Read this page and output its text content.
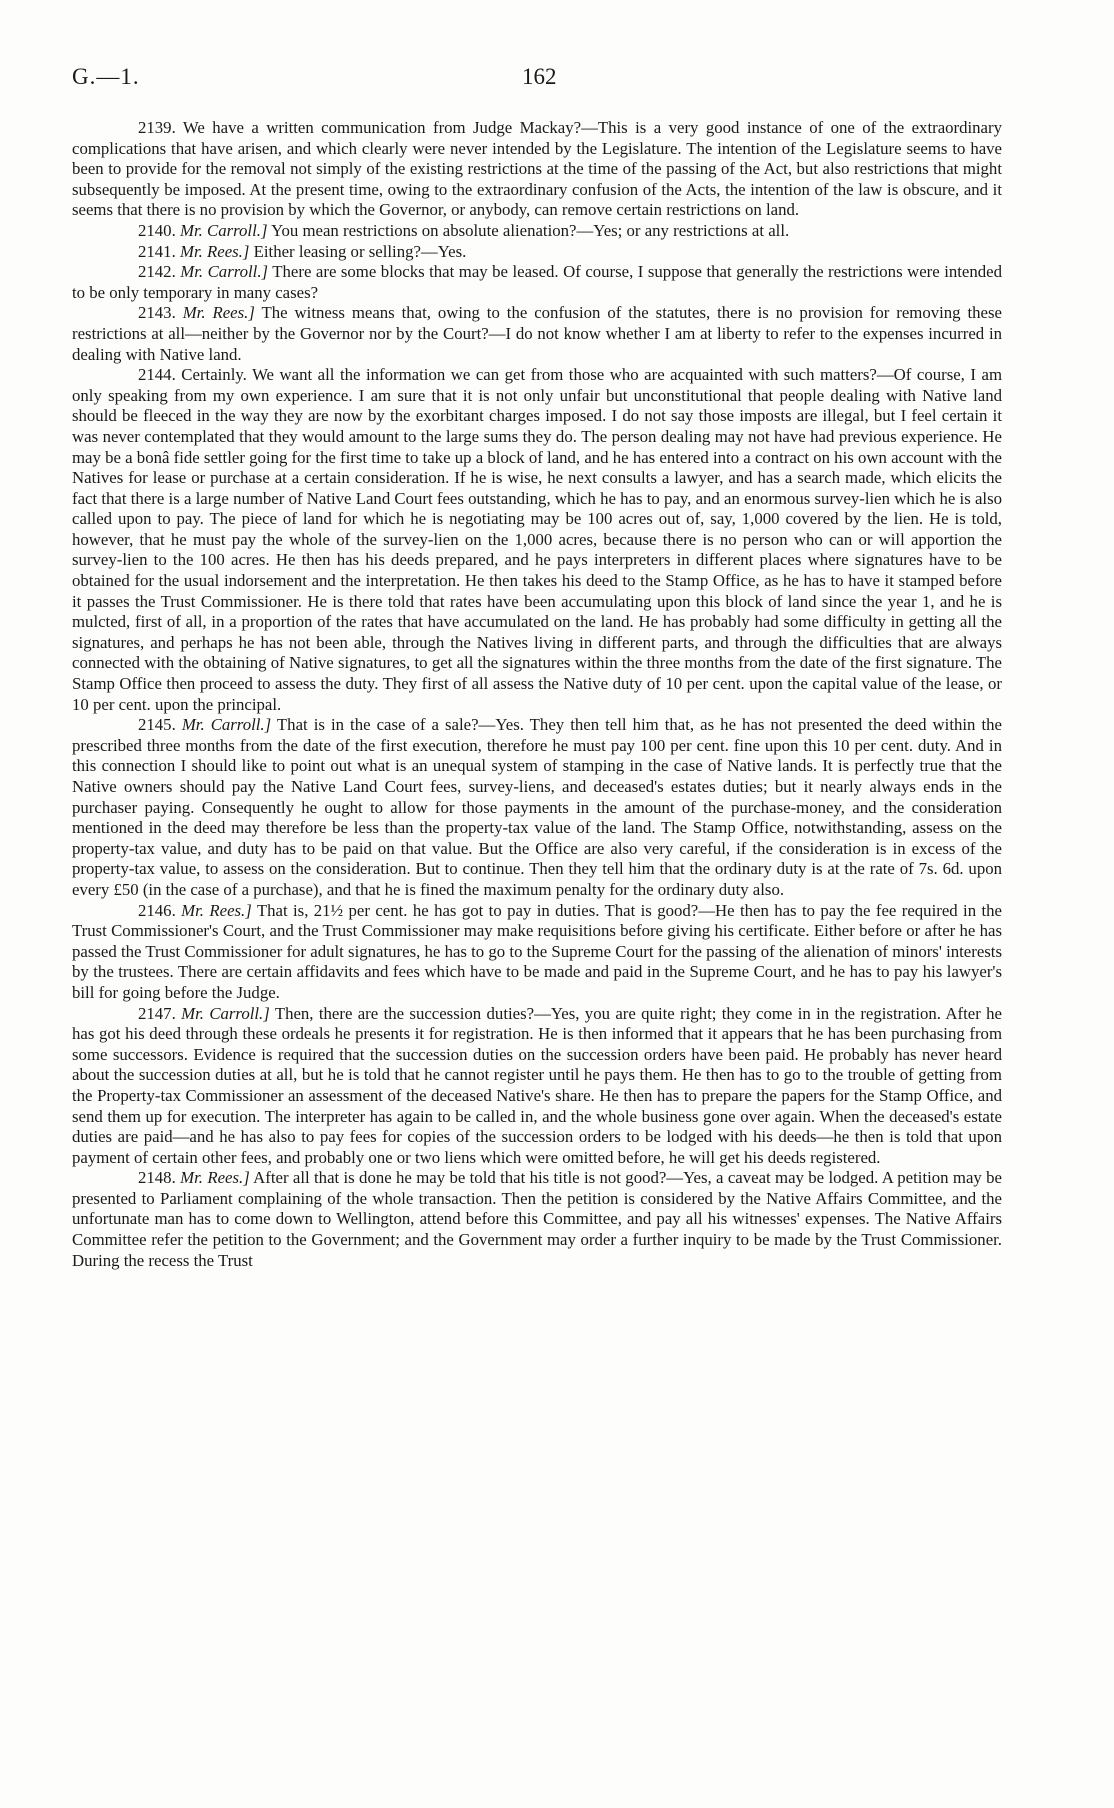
G.—1.	162

2139. We have a written communication from Judge Mackay?—This is a very good instance of one of the extraordinary complications that have arisen, and which clearly were never intended by the Legislature. The intention of the Legislature seems to have been to provide for the removal not simply of the existing restrictions at the time of the passing of the Act, but also restrictions that might subsequently be imposed. At the present time, owing to the extraordinary confusion of the Acts, the intention of the law is obscure, and it seems that there is no provision by which the Governor, or anybody, can remove certain restrictions on land.

2140. Mr. Carroll.] You mean restrictions on absolute alienation?—Yes; or any restrictions at all.

2141. Mr. Rees.] Either leasing or selling?—Yes.

2142. Mr. Carroll.] There are some blocks that may be leased. Of course, I suppose that generally the restrictions were intended to be only temporary in many cases?

2143. Mr. Rees.] The witness means that, owing to the confusion of the statutes, there is no provision for removing these restrictions at all—neither by the Governor nor by the Court?—I do not know whether I am at liberty to refer to the expenses incurred in dealing with Native land.

2144. Certainly. We want all the information we can get from those who are acquainted with such matters?—Of course, I am only speaking from my own experience. I am sure that it is not only unfair but unconstitutional that people dealing with Native land should be fleeced in the way they are now by the exorbitant charges imposed. I do not say those imposts are illegal, but I feel certain it was never contemplated that they would amount to the large sums they do. The person dealing may not have had previous experience. He may be a bonâ fide settler going for the first time to take up a block of land, and he has entered into a contract on his own account with the Natives for lease or purchase at a certain consideration. If he is wise, he next consults a lawyer, and has a search made, which elicits the fact that there is a large number of Native Land Court fees outstanding, which he has to pay, and an enormous survey-lien which he is also called upon to pay. The piece of land for which he is negotiating may be 100 acres out of, say, 1,000 covered by the lien. He is told, however, that he must pay the whole of the survey-lien on the 1,000 acres, because there is no person who can or will apportion the survey-lien to the 100 acres. He then has his deeds prepared, and he pays interpreters in different places where signatures have to be obtained for the usual indorsement and the interpretation. He then takes his deed to the Stamp Office, as he has to have it stamped before it passes the Trust Commissioner. He is there told that rates have been accumulating upon this block of land since the year 1, and he is mulcted, first of all, in a proportion of the rates that have accumulated on the land. He has probably had some difficulty in getting all the signatures, and perhaps he has not been able, through the Natives living in different parts, and through the difficulties that are always connected with the obtaining of Native signatures, to get all the signatures within the three months from the date of the first signature. The Stamp Office then proceed to assess the duty. They first of all assess the Native duty of 10 per cent. upon the capital value of the lease, or 10 per cent. upon the principal.

2145. Mr. Carroll.] That is in the case of a sale?—Yes. They then tell him that, as he has not presented the deed within the prescribed three months from the date of the first execution, therefore he must pay 100 per cent. fine upon this 10 per cent. duty. And in this connection I should like to point out what is an unequal system of stamping in the case of Native lands. It is perfectly true that the Native owners should pay the Native Land Court fees, survey-liens, and deceased's estates duties; but it nearly always ends in the purchaser paying. Consequently he ought to allow for those payments in the amount of the purchase-money, and the consideration mentioned in the deed may therefore be less than the property-tax value of the land. The Stamp Office, notwithstanding, assess on the property-tax value, and duty has to be paid on that value. But the Office are also very careful, if the consideration is in excess of the property-tax value, to assess on the consideration. But to continue. Then they tell him that the ordinary duty is at the rate of 7s. 6d. upon every £50 (in the case of a purchase), and that he is fined the maximum penalty for the ordinary duty also.

2146. Mr. Rees.] That is, 21½ per cent. he has got to pay in duties. That is good?—He then has to pay the fee required in the Trust Commissioner's Court, and the Trust Commissioner may make requisitions before giving his certificate. Either before or after he has passed the Trust Commissioner for adult signatures, he has to go to the Supreme Court for the passing of the alienation of minors' interests by the trustees. There are certain affidavits and fees which have to be made and paid in the Supreme Court, and he has to pay his lawyer's bill for going before the Judge.

2147. Mr. Carroll.] Then, there are the succession duties?—Yes, you are quite right; they come in in the registration. After he has got his deed through these ordeals he presents it for registration. He is then informed that it appears that he has been purchasing from some successors. Evidence is required that the succession duties on the succession orders have been paid. He probably has never heard about the succession duties at all, but he is told that he cannot register until he pays them. He then has to go to the trouble of getting from the Property-tax Commissioner an assessment of the deceased Native's share. He then has to prepare the papers for the Stamp Office, and send them up for execution. The interpreter has again to be called in, and the whole business gone over again. When the deceased's estate duties are paid—and he has also to pay fees for copies of the succession orders to be lodged with his deeds—he then is told that upon payment of certain other fees, and probably one or two liens which were omitted before, he will get his deeds registered.

2148. Mr. Rees.] After all that is done he may be told that his title is not good?—Yes, a caveat may be lodged. A petition may be presented to Parliament complaining of the whole transaction. Then the petition is considered by the Native Affairs Committee, and the unfortunate man has to come down to Wellington, attend before this Committee, and pay all his witnesses' expenses. The Native Affairs Committee refer the petition to the Government; and the Government may order a further inquiry to be made by the Trust Commissioner. During the recess the Trust
